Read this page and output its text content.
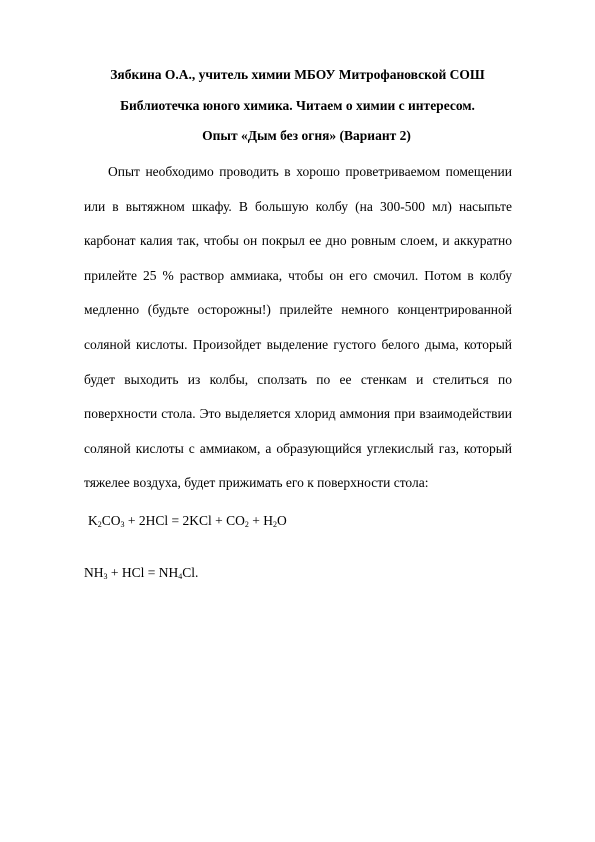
Зябкина О.А., учитель химии МБОУ Митрофановской СОШ
Библиотечка юного химика. Читаем о химии с интересом.
Опыт «Дым без огня» (Вариант 2)

Опыт необходимо проводить в хорошо проветриваемом помещении или в вытяжном шкафу. В большую колбу (на 300-500 мл) насыпьте карбонат калия так, чтобы он покрыл ее дно ровным слоем, и аккуратно прилейте 25 % раствор аммиака, чтобы он его смочил. Потом в колбу медленно (будьте осторожны!) прилейте немного концентрированной соляной кислоты. Произойдет выделение густого белого дыма, который будет выходить из колбы, сползать по ее стенкам и стелиться по поверхности стола. Это выделяется хлорид аммония при взаимодействии соляной кислоты с аммиаком, а образующийся углекислый газ, который тяжелее воздуха, будет прижимать его к поверхности стола:

$K_2CO_3 + 2HCl = 2KCl + CO_2 + H_2O$
$NH_3$ + HCl = $NH_4Cl$.
